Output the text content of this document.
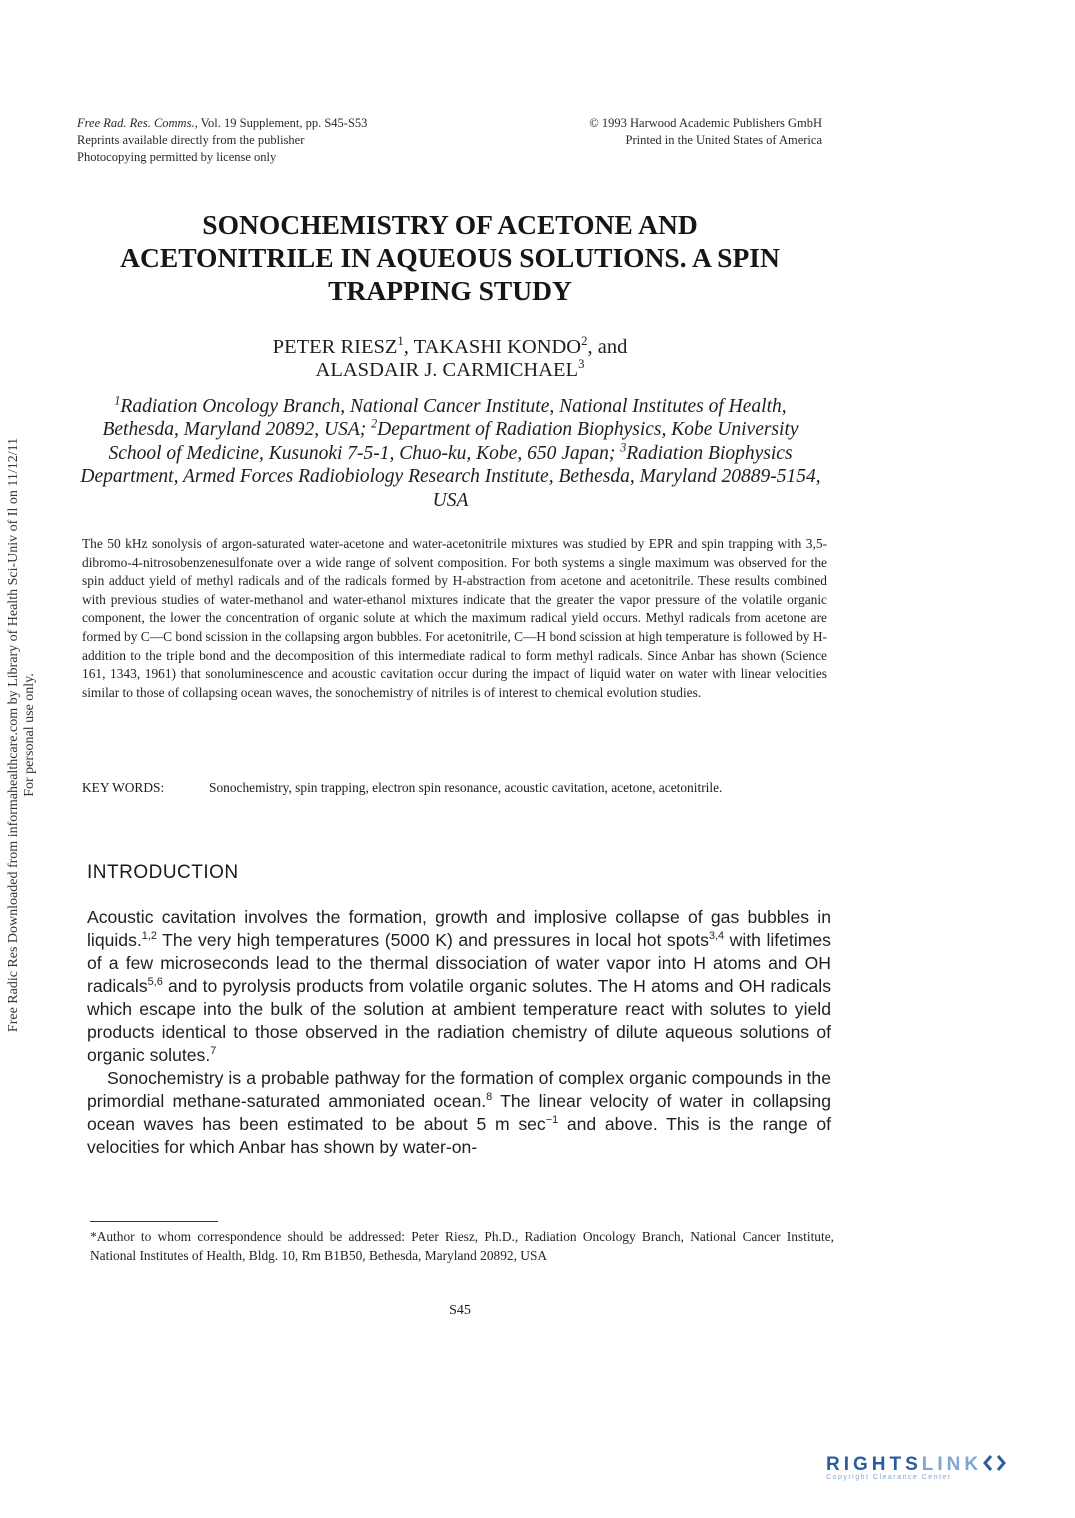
Free Rad. Res. Comms., Vol. 19 Supplement, pp. S45-S53
Reprints available directly from the publisher
Photocopying permitted by license only
© 1993 Harwood Academic Publishers GmbH
Printed in the United States of America
Free Radic Res Downloaded from informahealthcare.com by Library of Health Sci-Univ of Il on 11/12/11 For personal use only.
SONOCHEMISTRY OF ACETONE AND
ACETONITRILE IN AQUEOUS SOLUTIONS. A SPIN
TRAPPING STUDY
PETER RIESZ$^1$, TAKASHI KONDO$^2$, and
ALASDAIR J. CARMICHAEL$^3$
$^1$Radiation Oncology Branch, National Cancer Institute, National Institutes of Health, Bethesda, Maryland 20892, USA; $^2$Department of Radiation Biophysics, Kobe University School of Medicine, Kusunoki 7-5-1, Chuo-ku, Kobe, 650 Japan; $^3$Radiation Biophysics Department, Armed Forces Radiobiology Research Institute, Bethesda, Maryland 20889-5154, USA
The 50 kHz sonolysis of argon-saturated water-acetone and water-acetonitrile mixtures was studied by EPR and spin trapping with 3,5-dibromo-4-nitrosobenzenesulfonate over a wide range of solvent composition. For both systems a single maximum was observed for the spin adduct yield of methyl radicals and of the radicals formed by H-abstraction from acetone and acetonitrile. These results combined with previous studies of water-methanol and water-ethanol mixtures indicate that the greater the vapor pressure of the volatile organic component, the lower the concentration of organic solute at which the maximum radical yield occurs. Methyl radicals from acetone are formed by C—C bond scission in the collapsing argon bubbles. For acetonitrile, C—H bond scission at high temperature is followed by H-addition to the triple bond and the decomposition of this intermediate radical to form methyl radicals. Since Anbar has shown (Science 161, 1343, 1961) that sonoluminescence and acoustic cavitation occur during the impact of liquid water on water with linear velocities similar to those of collapsing ocean waves, the sonochemistry of nitriles is of interest to chemical evolution studies.
KEY WORDS:	Sonochemistry, spin trapping, electron spin resonance, acoustic cavitation, acetone, acetonitrile.
INTRODUCTION

Acoustic cavitation involves the formation, growth and implosive collapse of gas bubbles in liquids.$^{1,2}$ The very high temperatures (5000 K) and pressures in local hot spots$^{3,4}$ with lifetimes of a few microseconds lead to the thermal dissociation of water vapor into H atoms and OH radicals$^{5,6}$ and to pyrolysis products from volatile organic solutes. The H atoms and OH radicals which escape into the bulk of the solution at ambient temperature react with solutes to yield products identical to those observed in the radiation chemistry of dilute aqueous solutions of organic solutes.$^7$

Sonochemistry is a probable pathway for the formation of complex organic compounds in the primordial methane-saturated ammoniated ocean.$^8$ The linear velocity of water in collapsing ocean waves has been estimated to be about 5 m $\sec^{-1}$ and above. This is the range of velocities for which Anbar has shown by water-on-

*Author to whom correspondence should be addressed: Peter Riesz, Ph.D., Radiation Oncology Branch, National Cancer Institute, National Institutes of Health, Bldg. 10, Rm B1B50, Bethesda, Maryland 20892, USA
S45
RIGHTSLINK
Copyright Clearance Center
